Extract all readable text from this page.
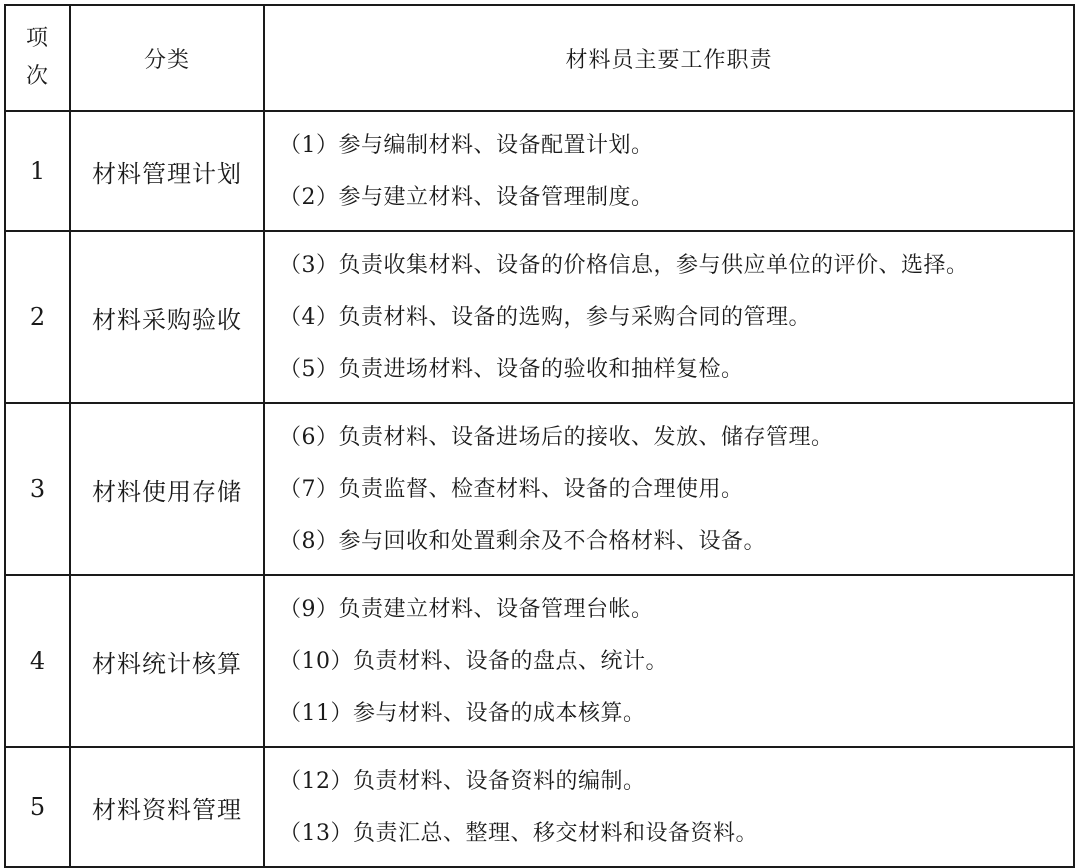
项
次	分类	材料员主要工作职责
1	材料管理计划	（1）参与编制材料、设备配置计划。
（2）参与建立材料、设备管理制度。

2	材料采购验收	（3）负责收集材料、设备的价格信息，参与供应单位的评价、选择。
（4）负责材料、设备的选购，参与采购合同的管理。
（5）负责进场材料、设备的验收和抽样复检。

3	材料使用存储	（6）负责材料、设备进场后的接收、发放、储存管理。
（7）负责监督、检查材料、设备的合理使用。
（8）参与回收和处置剩余及不合格材料、设备。

4	材料统计核算	（9）负责建立材料、设备管理台帐。
（10）负责材料、设备的盘点、统计。
（11）参与材料、设备的成本核算。

5	材料资料管理	（12）负责材料、设备资料的编制。
（13）负责汇总、整理、移交材料和设备资料。
